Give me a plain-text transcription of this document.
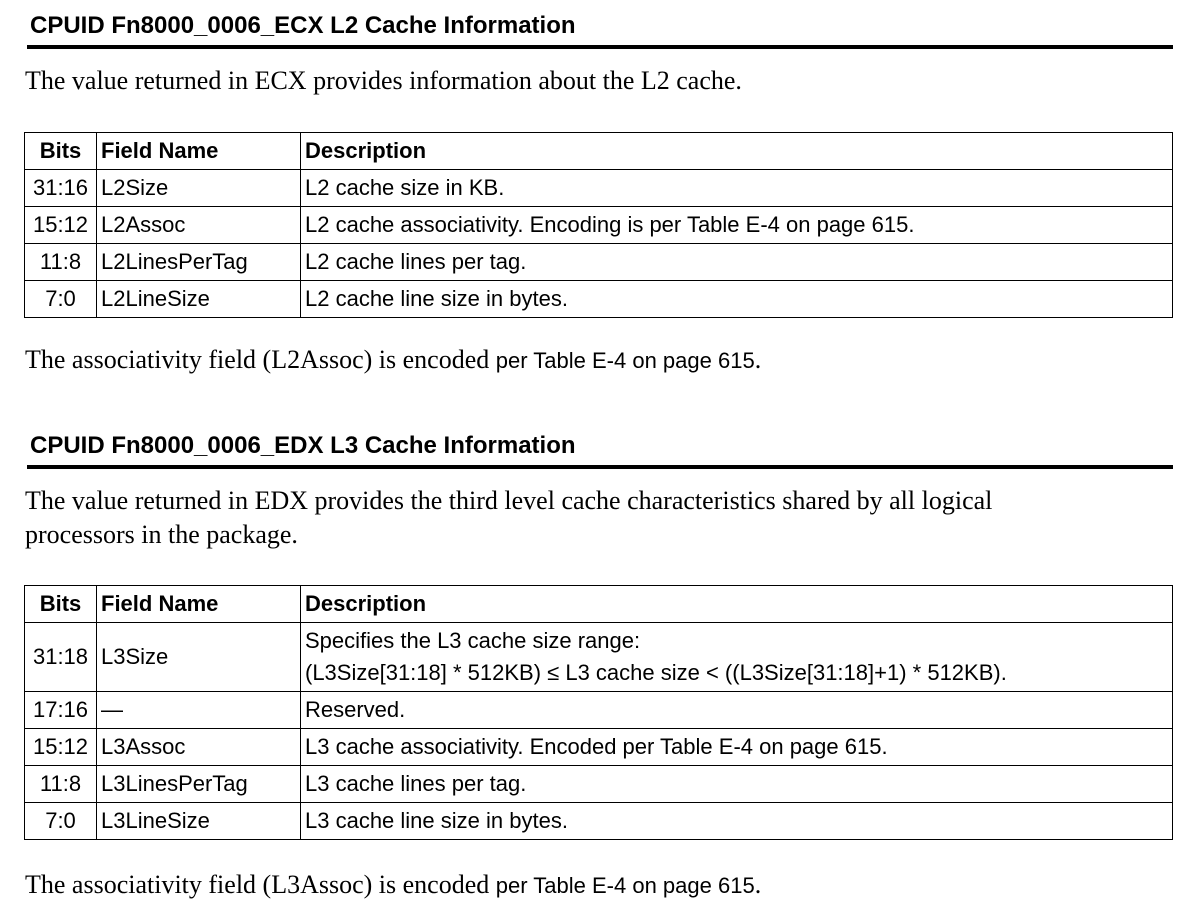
CPUID Fn8000_0006_ECX L2 Cache Information
The value returned in ECX provides information about the L2 cache.
Bits	Field Name	Description
31:16	L2Size	L2 cache size in KB.
15:12	L2Assoc	L2 cache associativity. Encoding is per Table E-4 on page 615.
11:8	L2LinesPerTag	L2 cache lines per tag.
7:0	L2LineSize	L2 cache line size in bytes.
The associativity field (L2Assoc) is encoded per Table E-4 on page 615.
CPUID Fn8000_0006_EDX L3 Cache Information
The value returned in EDX provides the third level cache characteristics shared by all logical
processors in the package.
Bits	Field Name	Description
31:18	L3Size	Specifies the L3 cache size range:
(L3Size[31:18] * 512KB) ≤ L3 cache size < ((L3Size[31:18]+1) * 512KB).
17:16	—	Reserved.
15:12	L3Assoc	L3 cache associativity. Encoded per Table E-4 on page 615.
11:8	L3LinesPerTag	L3 cache lines per tag.
7:0	L3LineSize	L3 cache line size in bytes.
The associativity field (L3Assoc) is encoded per Table E-4 on page 615.
